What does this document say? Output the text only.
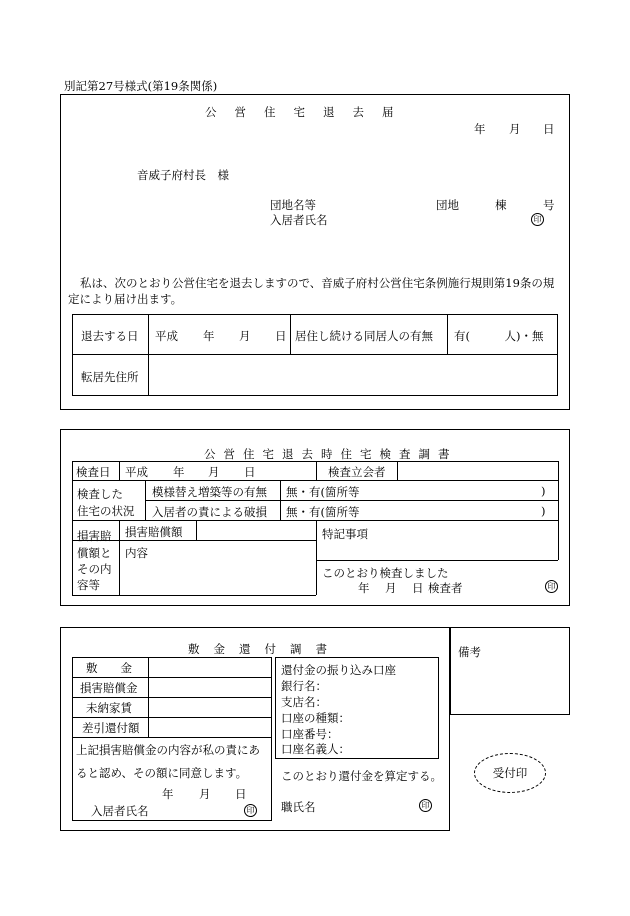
別記第27号様式(第19条関係)
公営住宅退去届
年 月 日
音威子府村長　様
団地名等	団地	棟	号
入居者氏名	印
私は、次のとおり公営住宅を退去しますので、音威子府村公営住宅条例施行規則第19条の規
定により届け出ます。
退去する日 平成 年 月 日 居住し続ける同居人の有無 有(　　　人)・無
転居先住所
公営住宅退去時住宅検査調書
検査日 平成 年 月 日	検査立会者
検査した
住宅の状況
模様替え増築等の有無 無・有(箇所等	)
入居者の責による破損 無・有(箇所等	)
損害賠
償額と
その内
容等
損害賠償額
内容
特記事項
このとおり検査しました
年 月 日 検査者	印
備考
敷金還付調書
敷　　金
損害賠償金
未納家賃
差引還付額
上記損害賠償金の内容が私の責にあ
ると認め、その額に同意します。
年 月 日
入居者氏名	印
還付金の振り込み口座
銀行名：
支店名：
口座の種類：
口座番号：
口座名義人：
このとおり還付金を算定する。
職氏名	印
受付印
